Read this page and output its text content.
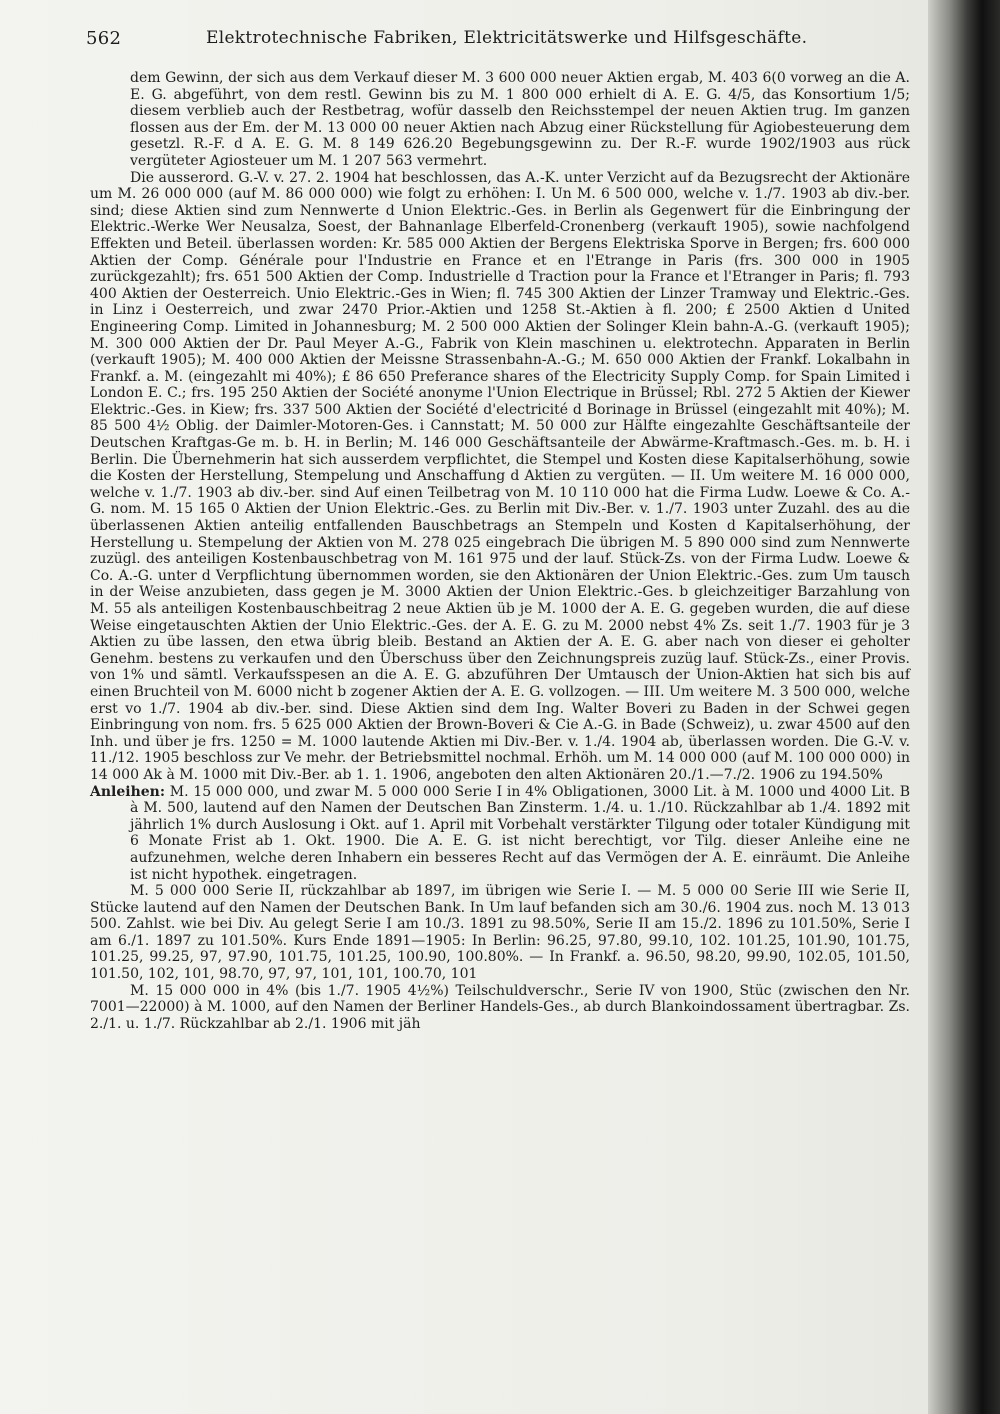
562	Elektrotechnische Fabriken, Elektricitätswerke und Hilfsgeschäfte.

dem Gewinn, der sich aus dem Verkauf dieser M. 3 600 000 neuer Aktien ergab, M. 403 6(0 vorweg an die A. E. G. abgeführt, von dem restl. Gewinn bis zu M. 1 800 000 erhielt di A. E. G. 4/5, das Konsortium 1/5; diesem verblieb auch der Restbetrag, wofür dasselb den Reichsstempel der neuen Aktien trug. Im ganzen flossen aus der Em. der M. 13 000 00 neuer Aktien nach Abzug einer Rückstellung für Agiobesteuerung dem gesetzl. R.-F. d A. E. G. M. 8 149 626.20 Begebungsgewinn zu. Der R.-F. wurde 1902/1903 aus rück vergüteter Agiosteuer um M. 1 207 563 vermehrt.

Die ausserord. G.-V. v. 27. 2. 1904 hat beschlossen, das A.-K. unter Verzicht auf da Bezugsrecht der Aktionäre um M. 26 000 000 (auf M. 86 000 000) wie folgt zu erhöhen: I. Un M. 6 500 000, welche v. 1./7. 1903 ab div.-ber. sind; diese Aktien sind zum Nennwerte d Union Elektric.-Ges. in Berlin als Gegenwert für die Einbringung der Elektric.-Werke Wer Neusalza, Soest, der Bahnanlage Elberfeld-Cronenberg (verkauft 1905), sowie nachfolgend Effekten und Beteil. überlassen worden: Kr. 585 000 Aktien der Bergens Elektriska Sporve in Bergen; frs. 600 000 Aktien der Comp. Générale pour l'Industrie en France et en l'Etrange in Paris (frs. 300 000 in 1905 zurückgezahlt); frs. 651 500 Aktien der Comp. Industrielle d Traction pour la France et l'Etranger in Paris; fl. 793 400 Aktien der Oesterreich. Unio Elektric.-Ges in Wien; fl. 745 300 Aktien der Linzer Tramway und Elektric.-Ges. in Linz i Oesterreich, und zwar 2470 Prior.-Aktien und 1258 St.-Aktien à fl. 200; £ 2500 Aktien d United Engineering Comp. Limited in Johannesburg; M. 2 500 000 Aktien der Solinger Klein bahn-A.-G. (verkauft 1905); M. 300 000 Aktien der Dr. Paul Meyer A.-G., Fabrik von Klein maschinen u. elektrotechn. Apparaten in Berlin (verkauft 1905); M. 400 000 Aktien der Meissne Strassenbahn-A.-G.; M. 650 000 Aktien der Frankf. Lokalbahn in Frankf. a. M. (eingezahlt mi 40%); £ 86 650 Preferance shares of the Electricity Supply Comp. for Spain Limited i London E. C.; frs. 195 250 Aktien der Société anonyme l'Union Electrique in Brüssel; Rbl. 272 5 Aktien der Kiewer Elektric.-Ges. in Kiew; frs. 337 500 Aktien der Société d'electricité d Borinage in Brüssel (eingezahlt mit 40%); M. 85 500 4½ Oblig. der Daimler-Motoren-Ges. i Cannstatt; M. 50 000 zur Hälfte eingezahlte Geschäftsanteile der Deutschen Kraftgas-Ge m. b. H. in Berlin; M. 146 000 Geschäftsanteile der Abwärme-Kraftmasch.-Ges. m. b. H. i Berlin. Die Übernehmerin hat sich ausserdem verpflichtet, die Stempel und Kosten diese Kapitalserhöhung, sowie die Kosten der Herstellung, Stempelung und Anschaffung d Aktien zu vergüten. — II. Um weitere M. 16 000 000, welche v. 1./7. 1903 ab div.-ber. sind Auf einen Teilbetrag von M. 10 110 000 hat die Firma Ludw. Loewe & Co. A.-G. nom. M. 15 165 0 Aktien der Union Elektric.-Ges. zu Berlin mit Div.-Ber. v. 1./7. 1903 unter Zuzahl. des au die überlassenen Aktien anteilig entfallenden Bauschbetrags an Stempeln und Kosten d Kapitalserhöhung, der Herstellung u. Stempelung der Aktien von M. 278 025 eingebrach Die übrigen M. 5 890 000 sind zum Nennwerte zuzügl. des anteiligen Kostenbauschbetrag von M. 161 975 und der lauf. Stück-Zs. von der Firma Ludw. Loewe & Co. A.-G. unter d Verpflichtung übernommen worden, sie den Aktionären der Union Elektric.-Ges. zum Um tausch in der Weise anzubieten, dass gegen je M. 3000 Aktien der Union Elektric.-Ges. b gleichzeitiger Barzahlung von M. 55 als anteiligen Kostenbauschbeitrag 2 neue Aktien üb je M. 1000 der A. E. G. gegeben wurden, die auf diese Weise eingetauschten Aktien der Unio Elektric.-Ges. der A. E. G. zu M. 2000 nebst 4% Zs. seit 1./7. 1903 für je 3 Aktien zu übe lassen, den etwa übrig bleib. Bestand an Aktien der A. E. G. aber nach von dieser ei geholter Genehm. bestens zu verkaufen und den Überschuss über den Zeichnungspreis zuzüg lauf. Stück-Zs., einer Provis. von 1% und sämtl. Verkaufsspesen an die A. E. G. abzuführen Der Umtausch der Union-Aktien hat sich bis auf einen Bruchteil von M. 6000 nicht b zogener Aktien der A. E. G. vollzogen. — III. Um weitere M. 3 500 000, welche erst vo 1./7. 1904 ab div.-ber. sind. Diese Aktien sind dem Ing. Walter Boveri zu Baden in der Schwei gegen Einbringung von nom. frs. 5 625 000 Aktien der Brown-Boveri & Cie A.-G. in Bade (Schweiz), u. zwar 4500 auf den Inh. und über je frs. 1250 = M. 1000 lautende Aktien mi Div.-Ber. v. 1./4. 1904 ab, überlassen worden. Die G.-V. v. 11./12. 1905 beschloss zur Ve mehr. der Betriebsmittel nochmal. Erhöh. um M. 14 000 000 (auf M. 100 000 000) in 14 000 Ak à M. 1000 mit Div.-Ber. ab 1. 1. 1906, angeboten den alten Aktionären 20./1.—7./2. 1906 zu 194.50%

Anleihen: M. 15 000 000, und zwar M. 5 000 000 Serie I in 4% Obligationen, 3000 Lit. à M. 1000 und 4000 Lit. B à M. 500, lautend auf den Namen der Deutschen Ban Zinsterm. 1./4. u. 1./10. Rückzahlbar ab 1./4. 1892 mit jährlich 1% durch Auslosung i Okt. auf 1. April mit Vorbehalt verstärkter Tilgung oder totaler Kündigung mit 6 Monate Frist ab 1. Okt. 1900. Die A. E. G. ist nicht berechtigt, vor Tilg. dieser Anleihe eine ne aufzunehmen, welche deren Inhabern ein besseres Recht auf das Vermögen der A. E. einräumt. Die Anleihe ist nicht hypothek. eingetragen.

M. 5 000 000 Serie II, rückzahlbar ab 1897, im übrigen wie Serie I. — M. 5 000 00 Serie III wie Serie II, Stücke lautend auf den Namen der Deutschen Bank. In Um lauf befanden sich am 30./6. 1904 zus. noch M. 13 013 500. Zahlst. wie bei Div. Au gelegt Serie I am 10./3. 1891 zu 98.50%, Serie II am 15./2. 1896 zu 101.50%, Serie I am 6./1. 1897 zu 101.50%. Kurs Ende 1891—1905: In Berlin: 96.25, 97.80, 99.10, 102. 101.25, 101.90, 101.75, 101.25, 99.25, 97, 97.90, 101.75, 101.25, 100.90, 100.80%. — In Frankf. a. 96.50, 98.20, 99.90, 102.05, 101.50, 101.50, 102, 101, 98.70, 97, 97, 101, 101, 100.70, 101

M. 15 000 000 in 4% (bis 1./7. 1905 4½%) Teilschuldverschr., Serie IV von 1900, Stüc (zwischen den Nr. 7001—22000) à M. 1000, auf den Namen der Berliner Handels-Ges., ab durch Blankoindossament übertragbar. Zs. 2./1. u. 1./7. Rückzahlbar ab 2./1. 1906 mit jäh
